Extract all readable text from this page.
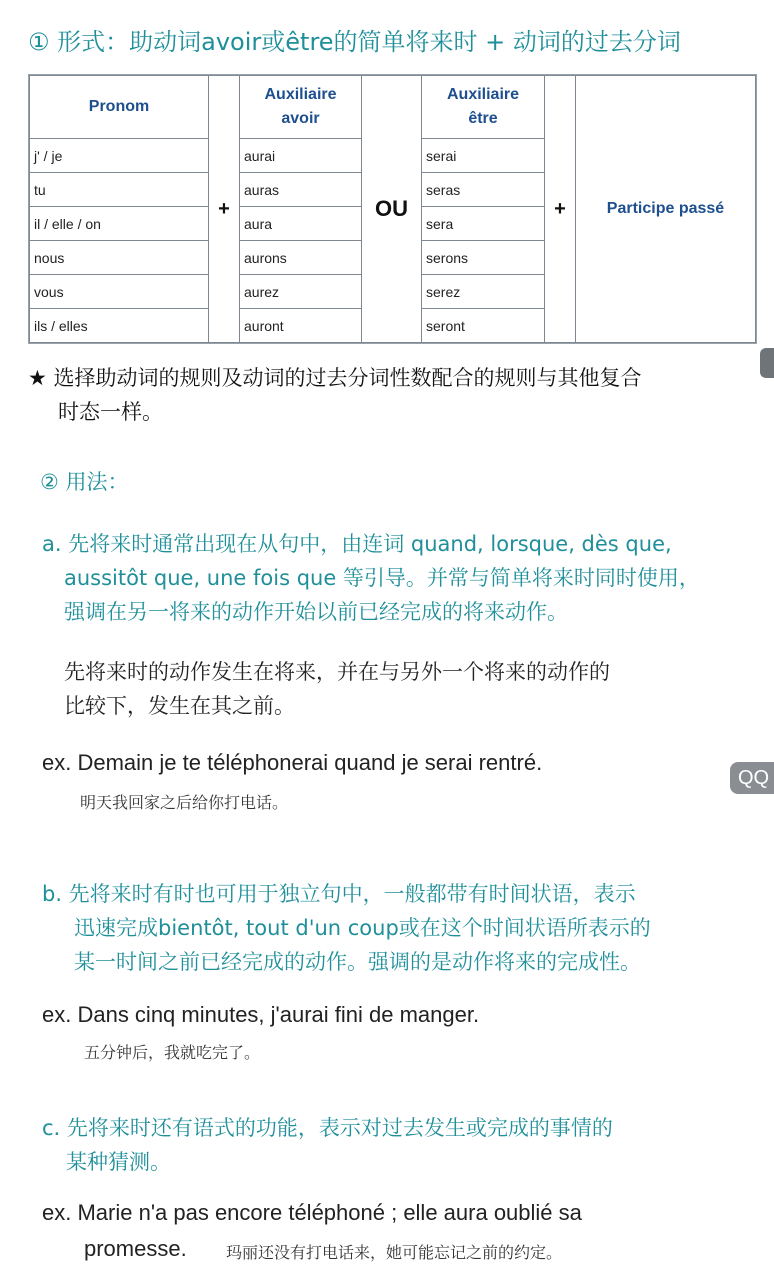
① 形式：助动词avoir或être的简单将来时 + 动词的过去分词
Pronom
j' / je
tu
il / elle / on
nous
vous
ils / elles
+
Auxiliaire
avoir
aurai
auras
aura
aurons
aurez
auront
OU
Auxiliaire
être
serai
seras
sera
serons
serez
seront
+	Participe passé
★ 选择助动词的规则及动词的过去分词性数配合的规则与其他复合
时态一样。
② 用法：
a. 先将来时通常出现在从句中，由连词 quand, lorsque, dès que,
aussitôt que, une fois que 等引导。并常与简单将来时同时使用，
强调在另一将来的动作开始以前已经完成的将来动作。
先将来时的动作发生在将来，并在与另外一个将来的动作的
比较下，发生在其之前。
ex. Demain je te téléphonerai quand je serai rentré.
明天我回家之后给你打电话。
QQ
b. 先将来时有时也可用于独立句中，一般都带有时间状语，表示
迅速完成bientôt, tout d'un coup或在这个时间状语所表示的
某一时间之前已经完成的动作。强调的是动作将来的完成性。
ex. Dans cinq minutes, j'aurai fini de manger.
五分钟后，我就吃完了。
c. 先将来时还有语式的功能，表示对过去发生或完成的事情的
某种猜测。
ex. Marie n'a pas encore téléphoné ; elle aura oublié sa
promesse. 玛丽还没有打电话来，她可能忘记之前的约定。
